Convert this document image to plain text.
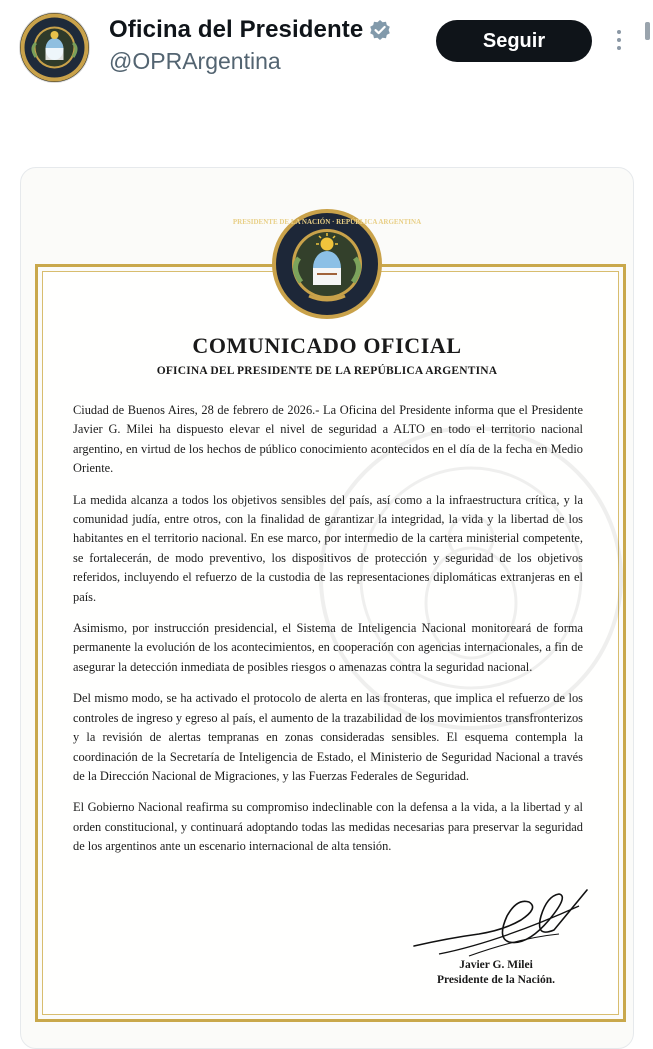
Oficina del Presidente
@OPRArgentina
Seguir
PRESIDENTE DE LA NACIÓN · REPÚBLICA ARGENTINA
COMUNICADO OFICIAL
OFICINA DEL PRESIDENTE DE LA REPÚBLICA ARGENTINA

Ciudad de Buenos Aires, 28 de febrero de 2026.- La Oficina del Presidente informa que el Presidente Javier G. Milei ha dispuesto elevar el nivel de seguridad a ALTO en todo el territorio nacional argentino, en virtud de los hechos de público conocimiento acontecidos en el día de la fecha en Medio Oriente.

La medida alcanza a todos los objetivos sensibles del país, así como a la infraestructura crítica, y la comunidad judía, entre otros, con la finalidad de garantizar la integridad, la vida y la libertad de los habitantes en el territorio nacional. En ese marco, por intermedio de la cartera ministerial competente, se fortalecerán, de modo preventivo, los dispositivos de protección y seguridad de los objetivos referidos, incluyendo el refuerzo de la custodia de las representaciones diplomáticas extranjeras en el país.

Asimismo, por instrucción presidencial, el Sistema de Inteligencia Nacional monitoreará de forma permanente la evolución de los acontecimientos, en cooperación con agencias internacionales, a fin de asegurar la detección inmediata de posibles riesgos o amenazas contra la seguridad nacional.

Del mismo modo, se ha activado el protocolo de alerta en las fronteras, que implica el refuerzo de los controles de ingreso y egreso al país, el aumento de la trazabilidad de los movimientos transfronterizos y la revisión de alertas tempranas en zonas consideradas sensibles. El esquema contempla la coordinación de la Secretaría de Inteligencia de Estado, el Ministerio de Seguridad Nacional a través de la Dirección Nacional de Migraciones, y las Fuerzas Federales de Seguridad.

El Gobierno Nacional reafirma su compromiso indeclinable con la defensa a la vida, a la libertad y al orden constitucional, y continuará adoptando todas las medidas necesarias para preservar la seguridad de los argentinos ante un escenario internacional de alta tensión.

Javier G. Milei
Presidente de la Nación.
